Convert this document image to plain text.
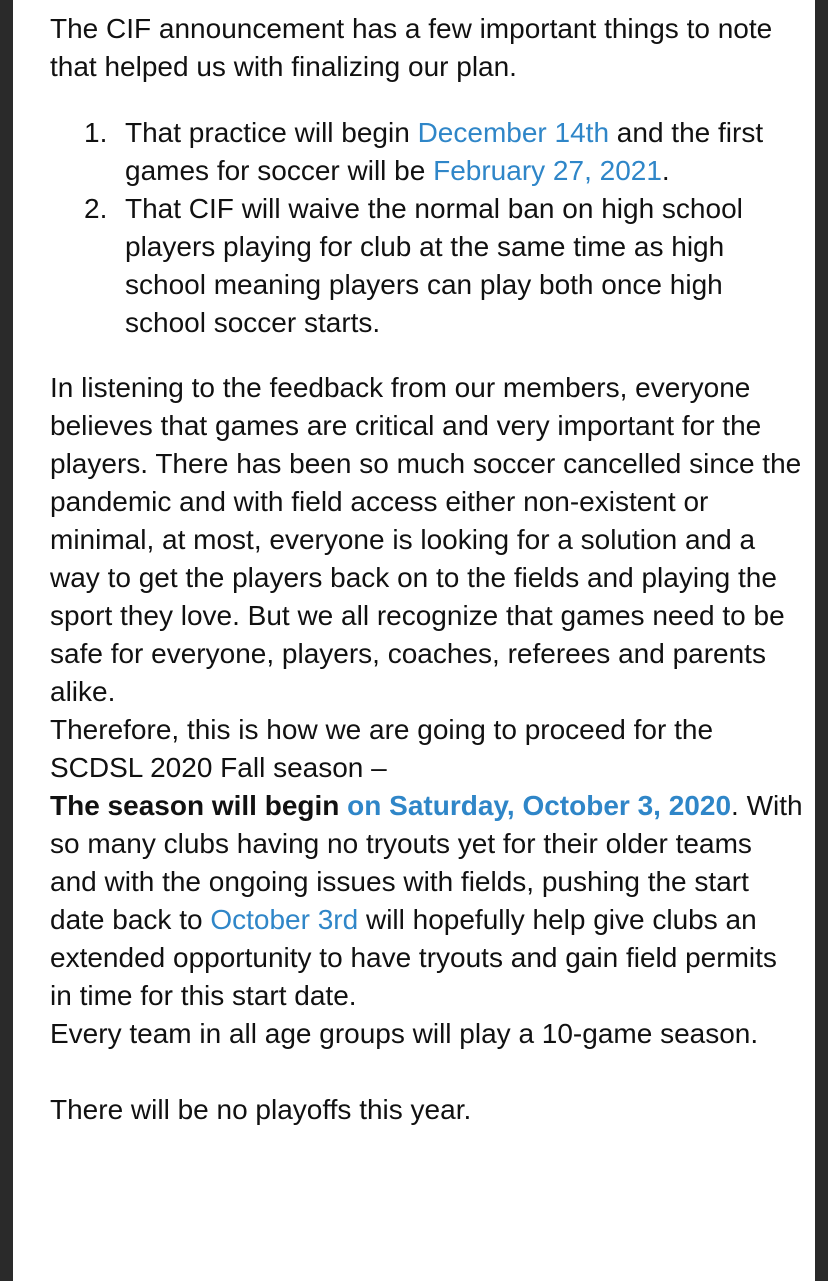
The CIF announcement has a few important things to note that helped us with finalizing our plan.

1. That practice will begin December 14th and the first games for soccer will be February 27, 2021.
2. That CIF will waive the normal ban on high school players playing for club at the same time as high school meaning players can play both once high school soccer starts.

In listening to the feedback from our members, everyone believes that games are critical and very important for the players. There has been so much soccer cancelled since the pandemic and with field access either non-existent or minimal, at most, everyone is looking for a solution and a way to get the players back on to the fields and playing the sport they love. But we all recognize that games need to be safe for everyone, players, coaches, referees and parents alike.

Therefore, this is how we are going to proceed for the SCDSL 2020 Fall season –

The season will begin on Saturday, October 3, 2020. With so many clubs having no tryouts yet for their older teams and with the ongoing issues with fields, pushing the start date back to October 3rd will hopefully help give clubs an extended opportunity to have tryouts and gain field permits in time for this start date.

Every team in all age groups will play a 10-game season.

There will be no playoffs this year.
